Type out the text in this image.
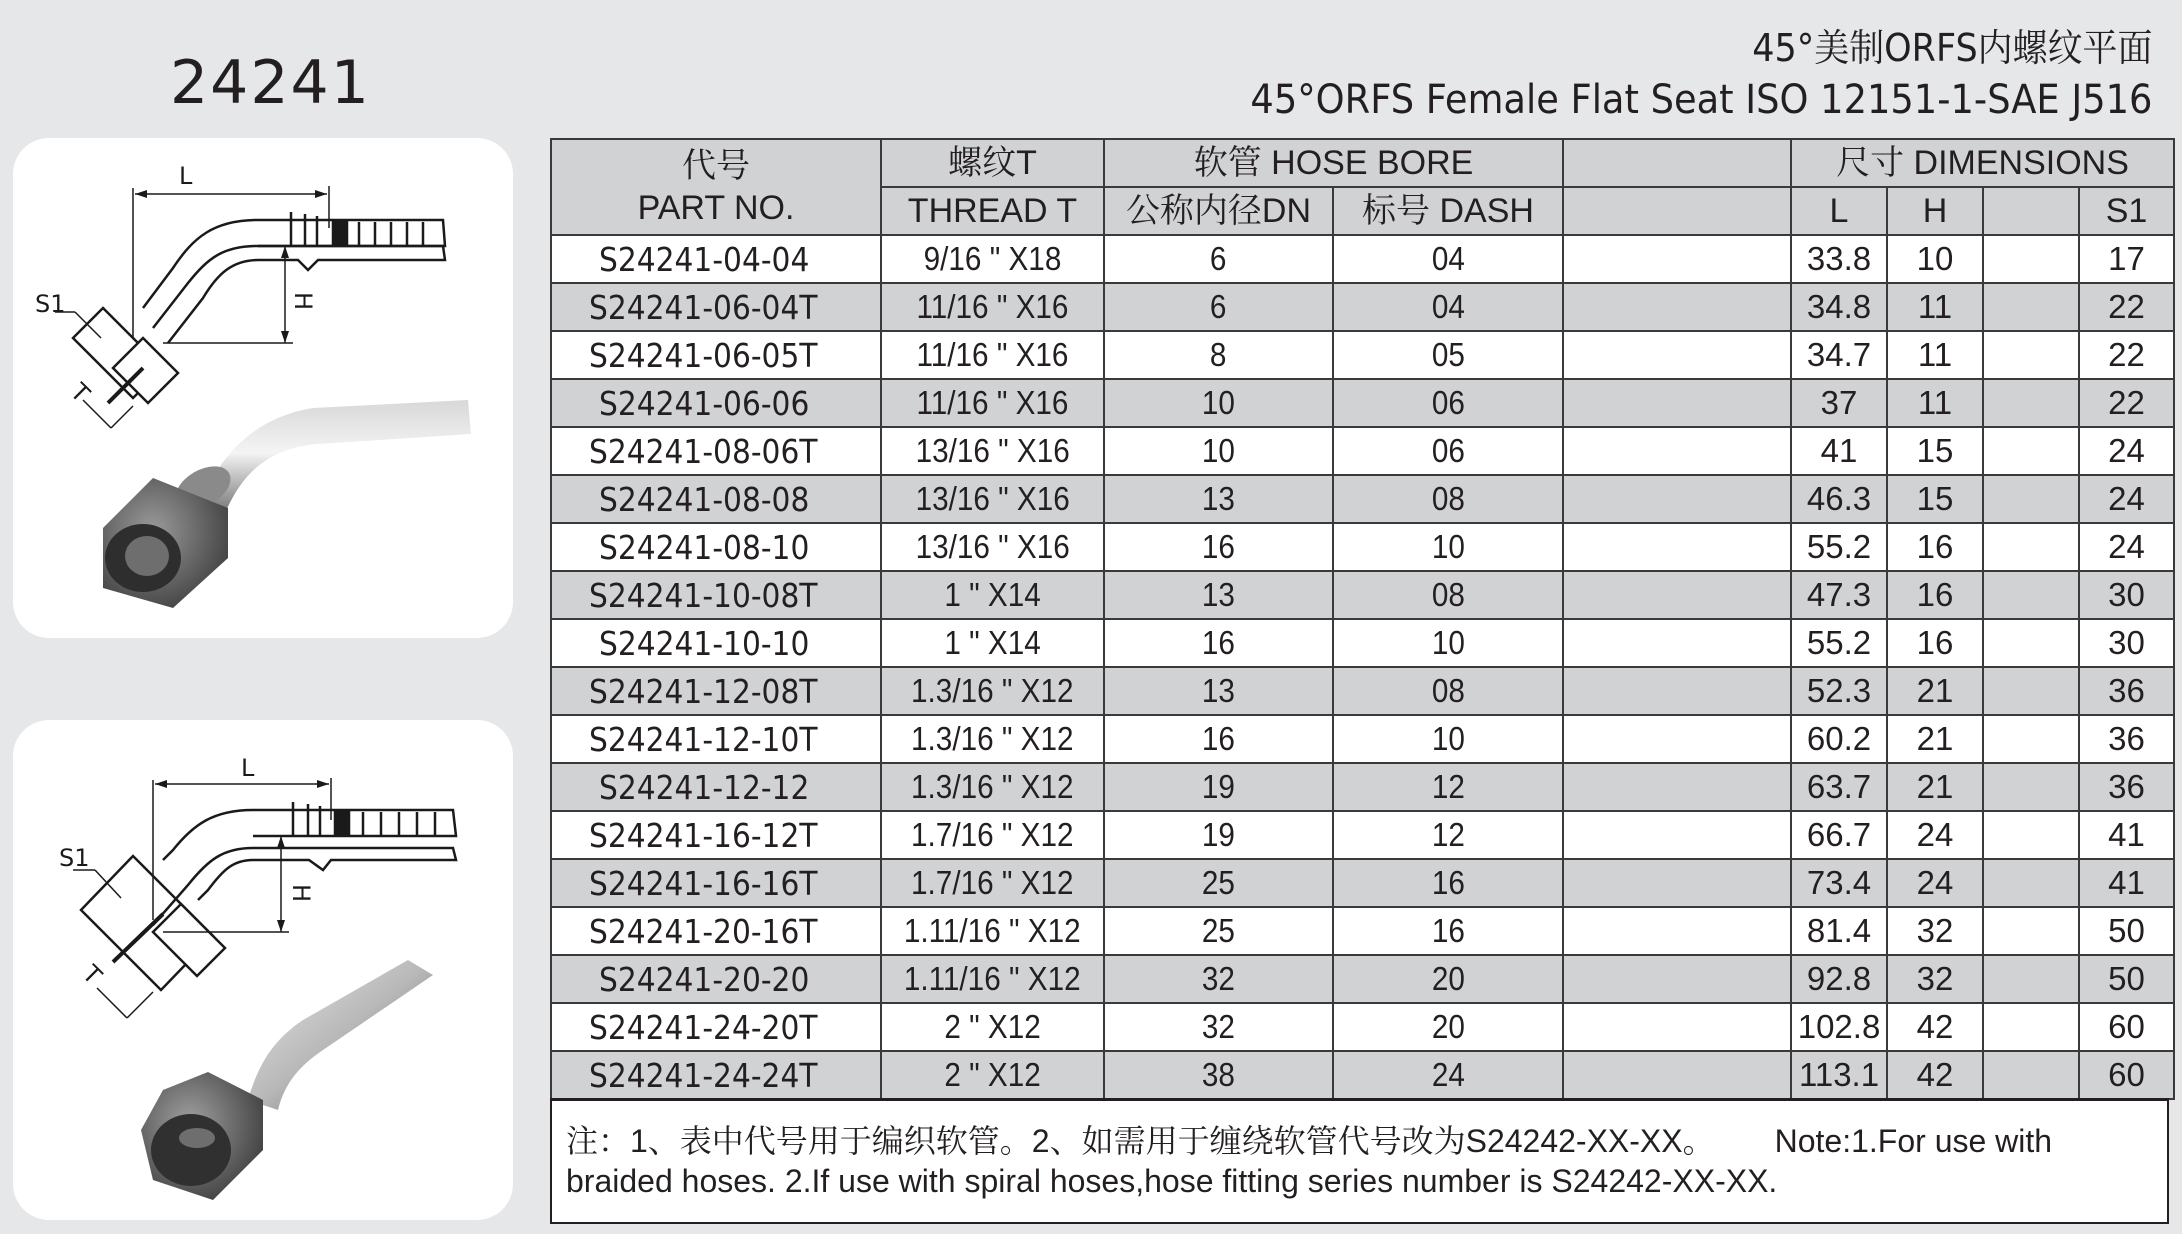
24241	45°美制ORFS内螺纹平面
45°ORFS Female Flat Seat ISO 12151-1-SAE J516
L
S1	H
T
L
S1
H
T
代号
PART NO.	螺纹T	软管 HOSE BORE			尺寸 DIMENSIONS			
	THREAD T	公称内径DN	标号 DASH		L	H		S1
S24241-04-04	9/16 " X18	6	04		33.8	10		17
S24241-06-04T	11/16 " X16	6	04		34.8	11		22
S24241-06-05T	11/16 " X16	8	05		34.7	11		22
S24241-06-06	11/16 " X16	10	06		37	11		22
S24241-08-06T	13/16 " X16	10	06		41	15		24
S24241-08-08	13/16 " X16	13	08		46.3	15		24
S24241-08-10	13/16 " X16	16	10		55.2	16		24
S24241-10-08T	1 " X14	13	08		47.3	16		30
S24241-10-10	1 " X14	16	10		55.2	16		30
S24241-12-08T	1.3/16 " X12	13	08		52.3	21		36
S24241-12-10T	1.3/16 " X12	16	10		60.2	21		36
S24241-12-12	1.3/16 " X12	19	12		63.7	21		36
S24241-16-12T	1.7/16 " X12	19	12		66.7	24		41
S24241-16-16T	1.7/16 " X12	25	16		73.4	24		41
S24241-20-16T	1.11/16 " X12	25	16		81.4	32		50
S24241-20-20	1.11/16 " X12	32	20		92.8	32		50
S24241-24-20T	2 " X12	32	20		102.8	42		60
S24241-24-24T	2 " X12	38	24		113.1	42		60
注：1、表中代号用于编织软管。2、如需用于缠绕软管代号改为S24242-XX-XX。 Note:1.For use with braided hoses. 2.If use with spiral hoses,hose fitting series number is S24242-XX-XX.
